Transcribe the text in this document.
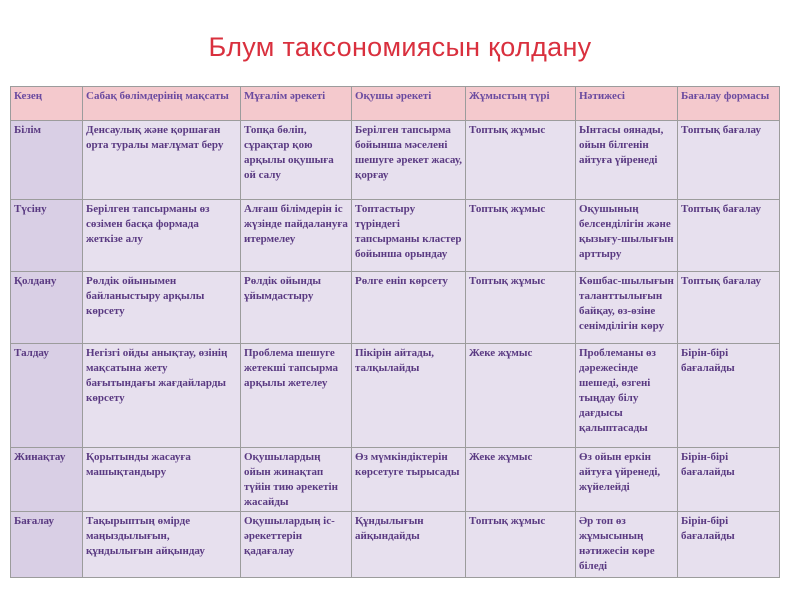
Блум таксономиясын қолдану
Кезең	Сабақ бөлімдерінің мақсаты	Мұғалім әрекеті	Оқушы әрекеті	Жұмыстың түрі	Нәтижесі	Бағалау формасы
Білім	Денсаулық және қоршаған орта туралы мағлұмат беру	Топқа бөліп, сұрақтар қою арқылы оқушыға ой салу	Берілген тапсырма бойынша мәселені шешуге әрекет жасау, қорғау	Топтық жұмыс	Ынтасы оянады, ойын білгенін айтуға үйренеді	Топтық бағалау
Түсіну	Берілген тапсырманы өз сөзімен басқа формада жеткізе алу	Алғаш білімдерін іс жүзінде пайдалануға итермелеу	Топтастыру түріндегі тапсырманы кластер бойынша орындау	Топтық жұмыс	Оқушының белсенділігін және қызығу-шылығын арттыру	Топтық бағалау
Қолдану	Рөлдік ойынымен байланыстыру арқылы көрсету	Рөлдік ойынды ұйымдастыру	Рөлге еніп көрсету	Топтық жұмыс	Көшбас-шылығын таланттылығын байқау, өз-өзіне сенімділігін көру	Топтық бағалау
Талдау	Негізгі ойды анықтау, өзінің мақсатына жету бағытындағы жағдайларды көрсету	Проблема шешуге жетекші тапсырма арқылы жетелеу	Пікірін айтады, талқылайды	Жеке жұмыс	Проблеманы өз дәрежесінде шешеді, өзгені тыңдау білу дағдысы қалыптасады	Бірін-бірі бағалайды
Жинақтау	Қорытынды жасауға машықтандыру	Оқушылардың ойын жинақтап түйін тию әрекетін жасайды	Өз мүмкіндіктерін көрсетуге тырысады	Жеке жұмыс	Өз ойын еркін айтуға үйренеді, жүйелейді	Бірін-бірі бағалайды
Бағалау	Тақырыптың өмірде маңыздылығын, құндылығын айқындау	Оқушылардың іс-әрекеттерін қадағалау	Құндылығын айқындайды	Топтық жұмыс	Әр топ өз жұмысының нәтижесін көре біледі	Бірін-бірі бағалайды
